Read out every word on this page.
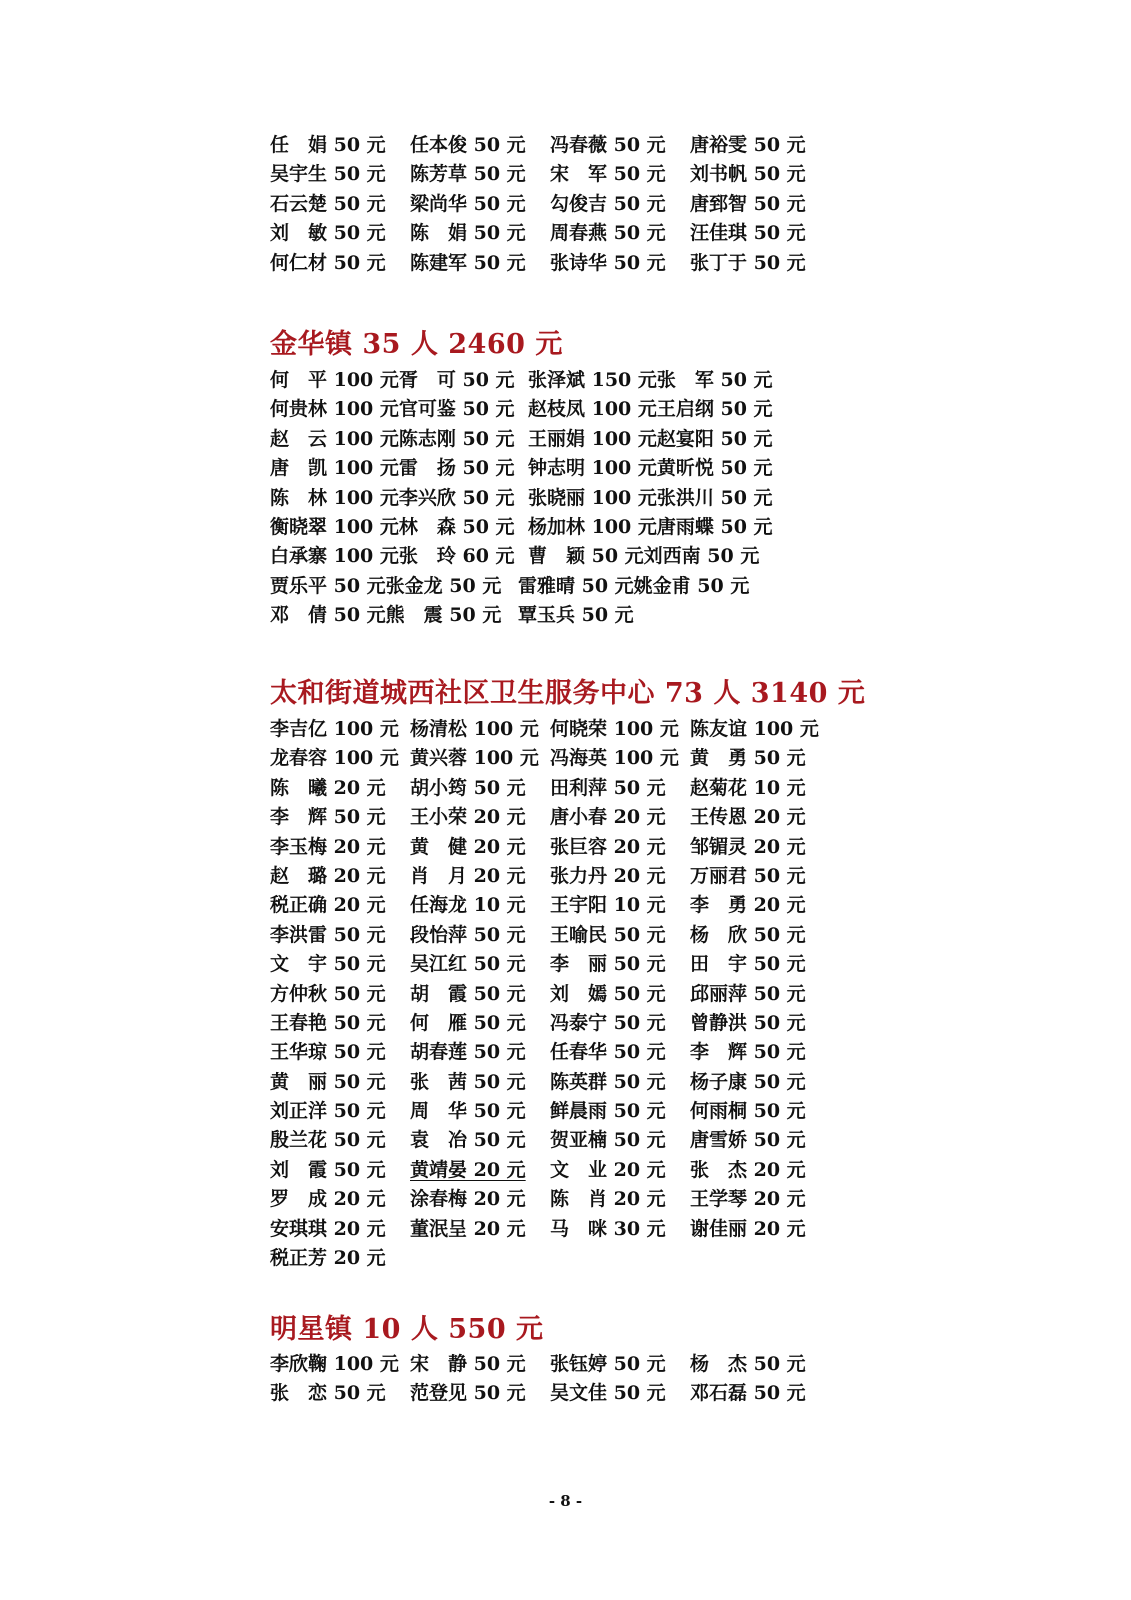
任　娟 50 元 任本俊 50 元 冯春薇 50 元 唐裕雯 50 元
吴宇生 50 元 陈芳草 50 元 宋　军 50 元 刘书帆 50 元
石云楚 50 元 梁尚华 50 元 勾俊吉 50 元 唐郅智 50 元
刘　敏 50 元 陈　娟 50 元 周春燕 50 元 汪佳琪 50 元
何仁材 50 元 陈建军 50 元 张诗华 50 元 张丁于 50 元
金华镇 35 人 2460 元
何　平 100 元胥　可 50 元 张泽斌 150 元张　军 50 元
何贵林 100 元官可鉴 50 元 赵枝凤 100 元王启纲 50 元
赵　云 100 元陈志刚 50 元 王丽娟 100 元赵宴阳 50 元
唐　凯 100 元雷　扬 50 元 钟志明 100 元黄昕悦 50 元
陈　林 100 元李兴欣 50 元 张晓丽 100 元张洪川 50 元
衡晓翠 100 元林　森 50 元 杨加林 100 元唐雨蝶 50 元
白承寨 100 元张　玲 60 元 曹　颖 50 元刘西南 50 元
贾乐平 50 元张金龙 50 元 雷雅晴 50 元姚金甫 50 元
邓　倩 50 元熊　震 50 元 覃玉兵 50 元
太和街道城西社区卫生服务中心 73 人 3140 元
李吉亿 100 元 杨清松 100 元 何晓荣 100 元 陈友谊 100 元
龙春容 100 元 黄兴蓉 100 元 冯海英 100 元 黄　勇 50 元
陈　曦 20 元 胡小筠 50 元 田利萍 50 元 赵菊花 10 元
李　辉 50 元 王小荣 20 元 唐小春 20 元 王传恩 20 元
李玉梅 20 元 黄　健 20 元 张巨容 20 元 邹镅灵 20 元
赵　璐 20 元 肖　月 20 元 张力丹 20 元 万丽君 50 元
税正确 20 元 任海龙 10 元 王宇阳 10 元 李　勇 20 元
李洪雷 50 元 段怡萍 50 元 王喻民 50 元 杨　欣 50 元
文　宇 50 元 吴江红 50 元 李　丽 50 元 田　宇 50 元
方仲秋 50 元 胡　霞 50 元 刘　嫣 50 元 邱丽萍 50 元
王春艳 50 元 何　雁 50 元 冯泰宁 50 元 曾静洪 50 元
王华琼 50 元 胡春莲 50 元 任春华 50 元 李　辉 50 元
黄　丽 50 元 张　茜 50 元 陈英群 50 元 杨子康 50 元
刘正洋 50 元 周　华 50 元 鲜晨雨 50 元 何雨桐 50 元
殷兰花 50 元 袁　冶 50 元 贺亚楠 50 元 唐雪娇 50 元
刘　霞 50 元 黄靖晏 20 元 文　业 20 元 张　杰 20 元
罗　成 20 元 涂春梅 20 元 陈　肖 20 元 王学琴 20 元
安琪琪 20 元 董泯呈 20 元 马　咪 30 元 谢佳丽 20 元
税正芳 20 元
明星镇 10 人 550 元
李欣鞠 100 元 宋　静 50 元 张钰婷 50 元 杨　杰 50 元
张　恋 50 元 范登见 50 元 吴文佳 50 元 邓石磊 50 元
- 8 -
